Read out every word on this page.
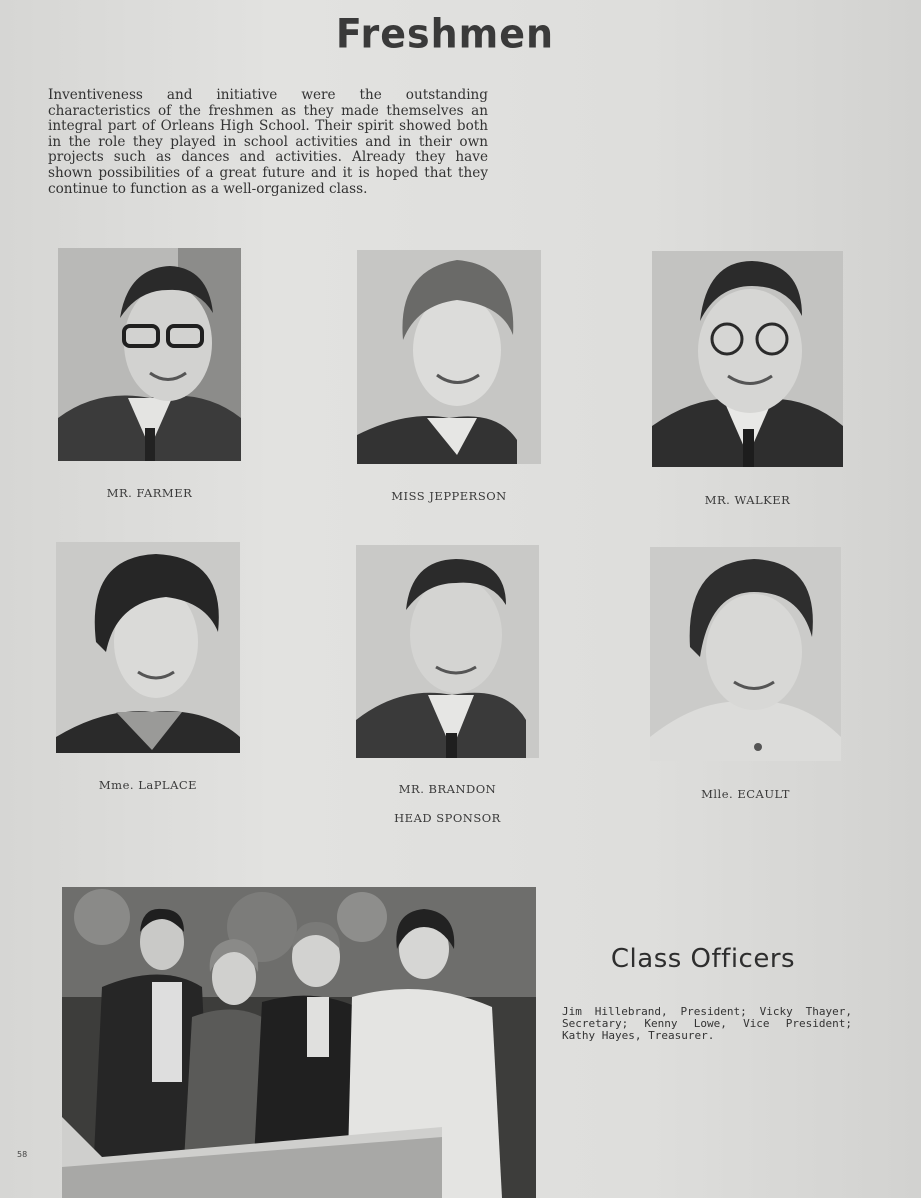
Freshmen
Inventiveness and initiative were the outstanding characteristics of the freshmen as they made themselves an integral part of Orleans High School. Their spirit showed both in the role they played in school activities and in their own projects such as dances and activities. Already they have shown possibilities of a great future and it is hoped that they continue to function as a well-organized class.
MR. FARMER	MISS JEPPERSON	MR. WALKER
Mme. LaPLACE	MR. BRANDON
HEAD SPONSOR
Mlle. ECAULT
Class Officers
Jim Hillebrand, President; Vicky Thayer, Secretary; Kenny Lowe, Vice President; Kathy Hayes, Treasurer.
58
